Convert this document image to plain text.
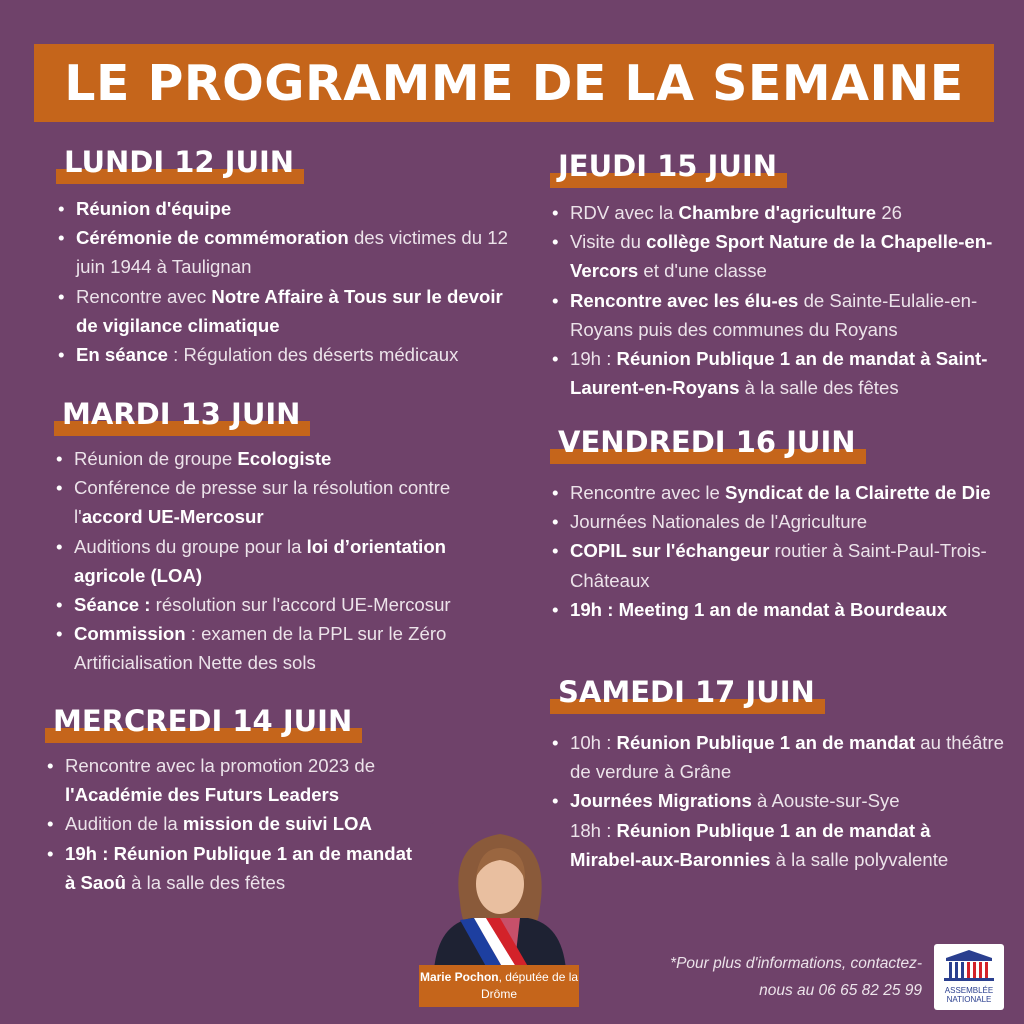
LE PROGRAMME DE LA SEMAINE
LUNDI 12 JUIN
• Réunion d'équipe
• Cérémonie de commémoration des victimes du 12 juin 1944 à Taulignan
• Rencontre avec Notre Affaire à Tous sur le devoir de vigilance climatique
• En séance : Régulation des déserts médicaux
MARDI 13 JUIN
• Réunion de groupe Ecologiste
• Conférence de presse sur la résolution contre l'accord UE-Mercosur
• Auditions du groupe pour la loi d’orientation agricole (LOA)
• Séance : résolution sur l'accord UE-Mercosur
• Commission : examen de la PPL sur le Zéro Artificialisation Nette des sols
MERCREDI 14 JUIN
• Rencontre avec la promotion 2023 de l'Académie des Futurs Leaders
• Audition de la mission de suivi LOA
• 19h : Réunion Publique 1 an de mandat à Saoû à la salle des fêtes
JEUDI 15 JUIN
• RDV avec la Chambre d'agriculture 26
• Visite du collège Sport Nature de la Chapelle-en-Vercors et d'une classe
• Rencontre avec les élu-es de Sainte-Eulalie-en-Royans puis des communes du Royans
• 19h : Réunion Publique 1 an de mandat à Saint-Laurent-en-Royans à la salle des fêtes
VENDREDI 16 JUIN
• Rencontre avec le Syndicat de la Clairette de Die
• Journées Nationales de l'Agriculture
• COPIL sur l'échangeur routier à Saint-Paul-Trois-Châteaux
• 19h : Meeting 1 an de mandat à Bourdeaux
SAMEDI 17 JUIN
• 10h : Réunion Publique 1 an de mandat au théâtre de verdure à Grâne
• Journées Migrations à Aouste-sur-Sye
• 18h : Réunion Publique 1 an de mandat à Mirabel-aux-Baronnies à la salle polyvalente
Marie Pochon, députée de la Drôme
*Pour plus d'informations, contactez-
nous au 06 65 82 25 99	ASSEMBLÉE
NATIONALE
